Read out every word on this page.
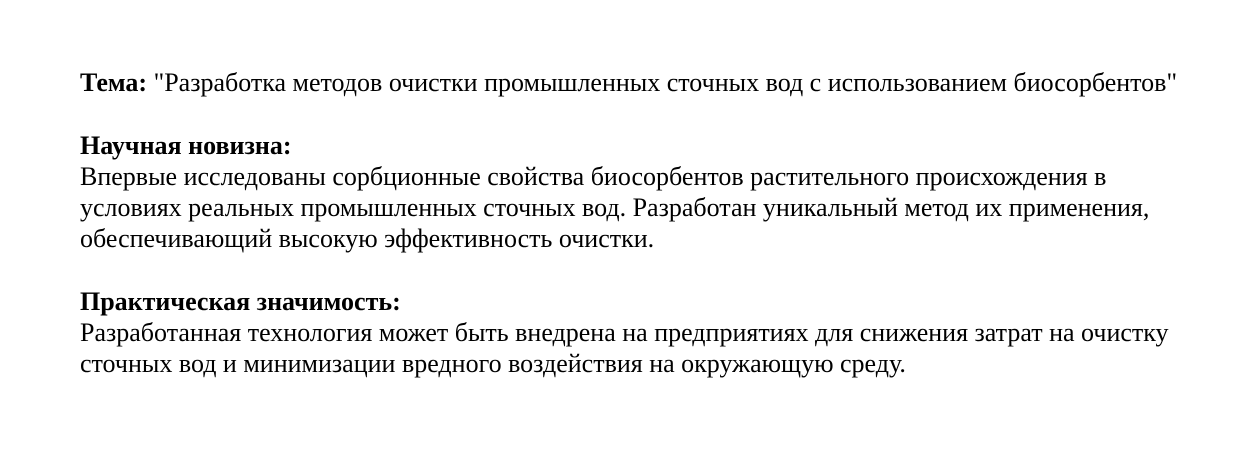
Тема: "Разработка методов очистки промышленных сточных вод с использованием биосорбентов"

Научная новизна:
Впервые исследованы сорбционные свойства биосорбентов растительного происхождения в условиях реальных промышленных сточных вод. Разработан уникальный метод их применения, обеспечивающий высокую эффективность очистки.

Практическая значимость:
Разработанная технология может быть внедрена на предприятиях для снижения затрат на очистку сточных вод и минимизации вредного воздействия на окружающую среду.
